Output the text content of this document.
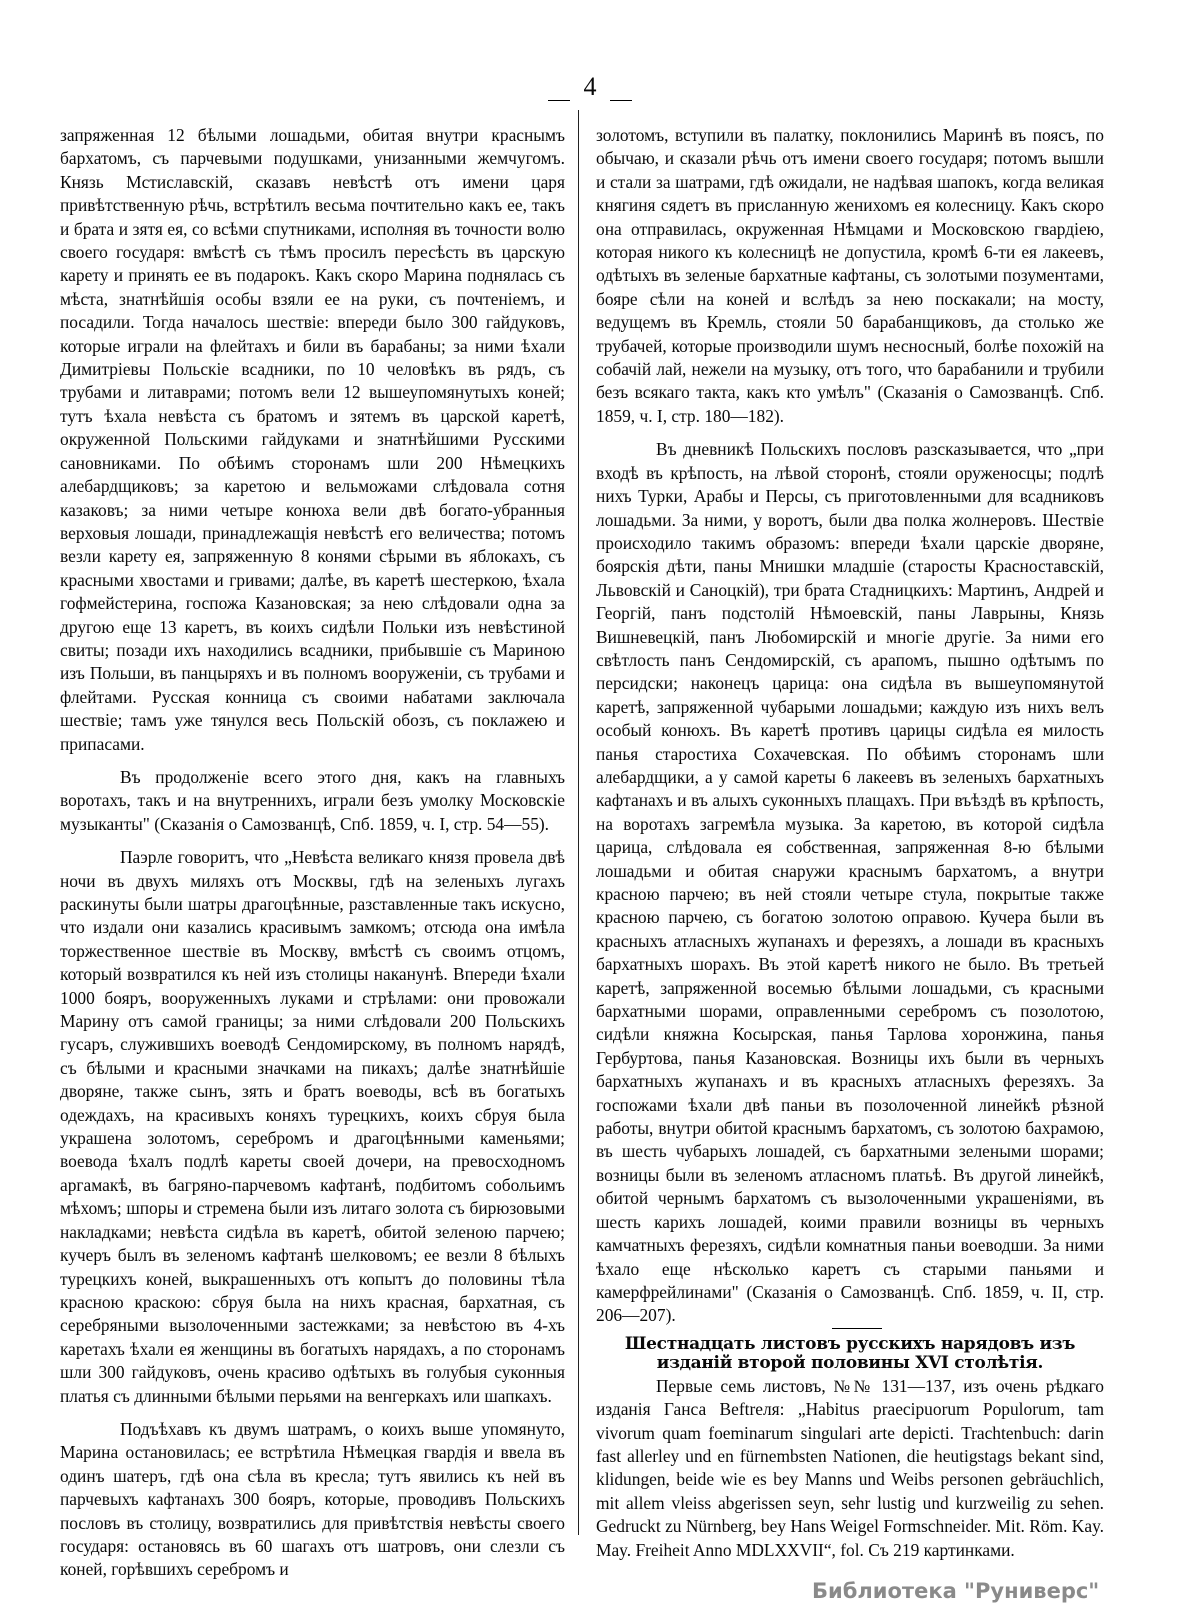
4

запряженная 12 бѣлыми лошадьми, обитая внутри краснымъ бархатомъ, съ парчевыми подушками, унизанными жемчугомъ. Князь Мстиславскій, сказавъ невѣстѣ отъ имени царя привѣтственную рѣчь, встрѣтилъ весьма почтительно какъ ее, такъ и брата и зятя ея, со всѣми спутниками, исполняя въ точности волю своего государя: вмѣстѣ съ тѣмъ просилъ пересѣсть въ царскую карету и принять ее въ подарокъ. Какъ скоро Марина поднялась съ мѣста, знатнѣйшія особы взяли ее на руки, съ почтеніемъ, и посадили. Тогда началось шествіе: впереди было 300 гайдуковъ, которые играли на флейтахъ и били въ барабаны; за ними ѣхали Димитріевы Польскіе всадники, по 10 человѣкъ въ рядъ, съ трубами и литаврами; потомъ вели 12 вышеупомянутыхъ коней; тутъ ѣхала невѣста съ братомъ и зятемъ въ царской каретѣ, окруженной Польскими гайдуками и знатнѣйшими Русскими сановниками. По обѣимъ сторонамъ шли 200 Нѣмецкихъ алебардщиковъ; за каретою и вельможами слѣдовала сотня казаковъ; за ними четыре конюха вели двѣ богато-убранныя верховыя лошади, принадлежащія невѣстѣ его величества; потомъ везли карету ея, запряженную 8 конями сѣрыми въ яблокахъ, съ красными хвостами и гривами; далѣе, въ каретѣ шестеркою, ѣхала гофмейстерина, госпожа Казановская; за нею слѣдовали одна за другою еще 13 каретъ, въ коихъ сидѣли Польки изъ невѣстиной свиты; позади ихъ находились всадники, прибывшіе съ Мариною изъ Польши, въ панцыряхъ и въ полномъ вооруженіи, съ трубами и флейтами. Русская конница съ своими набатами заключала шествіе; тамъ уже тянулся весь Польскій обозъ, съ поклажею и припасами.

Въ продолженіе всего этого дня, какъ на главныхъ воротахъ, такъ и на внутреннихъ, играли безъ умолку Московскіе музыканты" (Сказанія о Самозванцѣ, Спб. 1859, ч. I, стр. 54—55).

Паэрле говоритъ, что „Невѣста великаго князя провела двѣ ночи въ двухъ миляхъ отъ Москвы, гдѣ на зеленыхъ лугахъ раскинуты были шатры драгоцѣнные, разставленные такъ искусно, что издали они казались красивымъ замкомъ; отсюда она имѣла торжественное шествіе въ Москву, вмѣстѣ съ своимъ отцомъ, который возвратился къ ней изъ столицы наканунѣ. Впереди ѣхали 1000 бояръ, вооруженныхъ луками и стрѣлами: они провожали Марину отъ самой границы; за ними слѣдовали 200 Польскихъ гусаръ, служившихъ воеводѣ Сендомирскому, въ полномъ нарядѣ, съ бѣлыми и красными значками на пикахъ; далѣе знатнѣйшіе дворяне, также сынъ, зять и братъ воеводы, всѣ въ богатыхъ одеждахъ, на красивыхъ коняхъ турецкихъ, коихъ сбруя была украшена золотомъ, серебромъ и драгоцѣнными каменьями; воевода ѣхалъ подлѣ кареты своей дочери, на превосходномъ аргамакѣ, въ багряно-парчевомъ кафтанѣ, подбитомъ собольимъ мѣхомъ; шпоры и стремена были изъ литаго золота съ бирюзовыми накладками; невѣста сидѣла въ каретѣ, обитой зеленою парчею; кучеръ былъ въ зеленомъ кафтанѣ шелковомъ; ее везли 8 бѣлыхъ турецкихъ коней, выкрашенныхъ отъ копытъ до половины тѣла красною краскою: сбруя была на нихъ красная, бархатная, съ серебряными вызолоченными застежками; за невѣстою въ 4-хъ каретахъ ѣхали ея женщины въ богатыхъ нарядахъ, а по сторонамъ шли 300 гайдуковъ, очень красиво одѣтыхъ въ голубыя суконныя платья съ длинными бѣлыми перьями на венгеркахъ или шапкахъ.

Подъѣхавъ къ двумъ шатрамъ, о коихъ выше упомянуто, Марина остановилась; ее встрѣтила Нѣмецкая гвардія и ввела въ одинъ шатеръ, гдѣ она сѣла въ кресла; тутъ явились къ ней въ парчевыхъ кафтанахъ 300 бояръ, которые, проводивъ Польскихъ пословъ въ столицу, возвратились для привѣтствія невѣсты своего государя: остановясь въ 60 шагахъ отъ шатровъ, они слезли съ коней, горѣвшихъ серебромъ и

золотомъ, вступили въ палатку, поклонились Маринѣ въ поясъ, по обычаю, и сказали рѣчь отъ имени своего государя; потомъ вышли и стали за шатрами, гдѣ ожидали, не надѣвая шапокъ, когда великая княгиня сядетъ въ присланную женихомъ ея колесницу. Какъ скоро она отправилась, окруженная Нѣмцами и Московскою гвардіею, которая никого къ колесницѣ не допустила, кромѣ 6-ти ея лакеевъ, одѣтыхъ въ зеленые бархатные кафтаны, съ золотыми позументами, бояре сѣли на коней и вслѣдъ за нею поскакали; на мосту, ведущемъ въ Кремль, стояли 50 барабанщиковъ, да столько же трубачей, которые производили шумъ несносный, болѣе похожій на собачій лай, нежели на музыку, отъ того, что барабанили и трубили безъ всякаго такта, какъ кто умѣлъ" (Сказанія о Самозванцѣ. Спб. 1859, ч. I, стр. 180—182).

Въ дневникѣ Польскихъ пословъ разсказывается, что „при входѣ въ крѣпость, на лѣвой сторонѣ, стояли оруженосцы; подлѣ нихъ Турки, Арабы и Персы, съ приготовленными для всадниковъ лошадьми. За ними, у воротъ, были два полка жолнеровъ. Шествіе происходило такимъ образомъ: впереди ѣхали царскіе дворяне, боярскія дѣти, паны Мнишки младшіе (старосты Красноставскій, Львовскій и Саноцкій), три брата Стадницкихъ: Мартинъ, Андрей и Георгій, панъ подстолій Нѣмоевскій, паны Лаврыны, Князь Вишневецкій, панъ Любомирскій и многіе другіе. За ними его свѣтлость панъ Сендомирскій, съ арапомъ, пышно одѣтымъ по персидски; наконецъ царица: она сидѣла въ вышеупомянутой каретѣ, запряженной чубарыми лошадьми; каждую изъ нихъ велъ особый конюхъ. Въ каретѣ противъ царицы сидѣла ея милость панья старостиха Сохачевская. По обѣимъ сторонамъ шли алебардщики, а у самой кареты 6 лакеевъ въ зеленыхъ бархатныхъ кафтанахъ и въ алыхъ суконныхъ плащахъ. При въѣздѣ въ крѣпость, на воротахъ загремѣла музыка. За каретою, въ которой сидѣла царица, слѣдовала ея собственная, запряженная 8-ю бѣлыми лошадьми и обитая снаружи краснымъ бархатомъ, а внутри красною парчею; въ ней стояли четыре стула, покрытые также красною парчею, съ богатою золотою оправою. Кучера были въ красныхъ атласныхъ жупанахъ и ферезяхъ, а лошади въ красныхъ бархатныхъ шорахъ. Въ этой каретѣ никого не было. Въ третьей каретѣ, запряженной восемью бѣлыми лошадьми, съ красными бархатными шорами, оправленными серебромъ съ позолотою, сидѣли княжна Косырская, панья Тарлова хоронжина, панья Гербуртова, панья Казановская. Возницы ихъ были въ черныхъ бархатныхъ жупанахъ и въ красныхъ атласныхъ ферезяхъ. За госпожами ѣхали двѣ паньи въ позолоченной линейкѣ рѣзной работы, внутри обитой краснымъ бархатомъ, съ золотою бахрамою, въ шесть чубарыхъ лошадей, съ бархатными зелеными шорами; возницы были въ зеленомъ атласномъ платьѣ. Въ другой линейкѣ, обитой чернымъ бархатомъ съ вызолоченными украшеніями, въ шесть карихъ лошадей, коими правили возницы въ черныхъ камчатныхъ ферезяхъ, сидѣли комнатныя паньи воеводши. За ними ѣхало еще нѣсколько каретъ съ старыми паньями и камерфрейлинами" (Сказанія о Самозванцѣ. Спб. 1859, ч. II, стр. 206—207).

Шестнадцать листовъ русскихъ нарядовъ изъ изданій второй половины XVI столѣтія.

Первые семь листовъ, №№ 131—137, изъ очень рѣдкаго изданія Ганса Beftreля: „Habitus praecipuorum Populorum, tam vivorum quam foeminarum singulari arte depicti. Trachtenbuch: darin fast allerley und en fürnembsten Nationen, die heutigstags bekant sind, klidungen, beide wie es bey Manns und Weibs personen gebräuchlich, mit allem vleiss abgerissen seyn, sehr lustig und kurzweilig zu sehen. Gedruckt zu Nürnberg, bey Hans Weigel Formschneider. Mit. Röm. Kay. May. Freiheit Anno MDLXXVII“, fol. Съ 219 картинками.

Библиотека "Руниверс"
